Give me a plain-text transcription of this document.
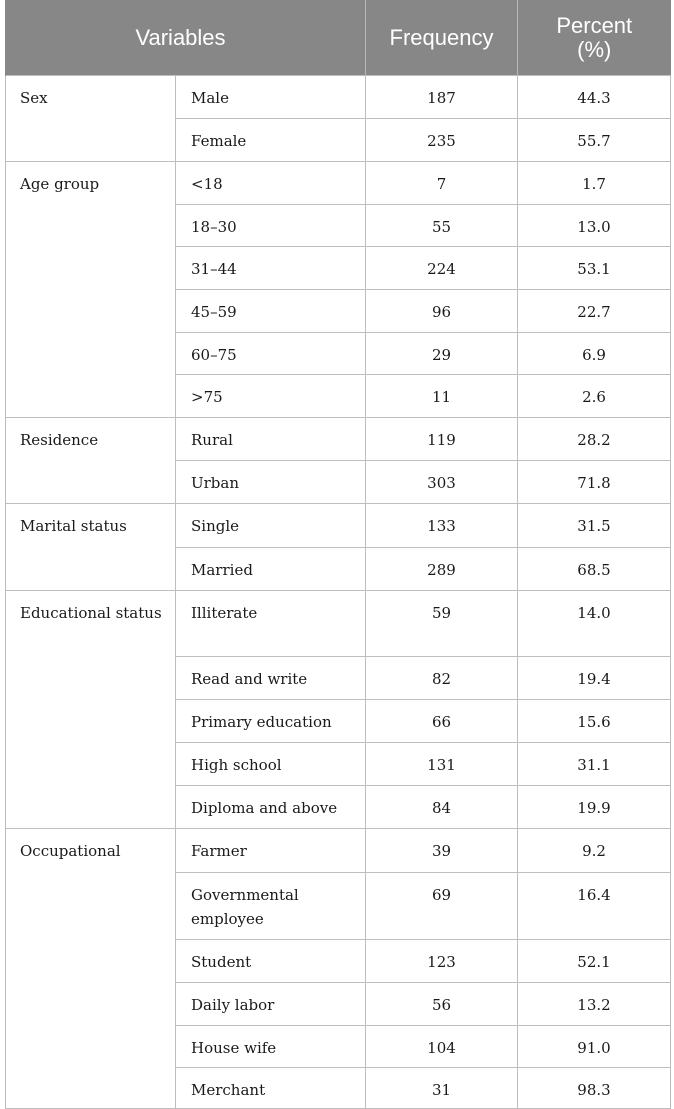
Variables		Frequency	Percent
(%)
Sex	Male	187	44.3
	Female	235	55.7
Age group	<18	7	1.7
	18–30	55	13.0
	31–44	224	53.1
	45–59	96	22.7
	60–75	29	6.9
	>75	11	2.6
Residence	Rural	119	28.2
	Urban	303	71.8
Marital status	Single	133	31.5
	Married	289	68.5
Educational status	Illiterate	59	14.0
	Read and write	82	19.4
	Primary education	66	15.6
	High school	131	31.1
	Diploma and above	84	19.9
Occupational	Farmer	39	9.2
	Governmental employee	69	16.4
	Student	123	52.1
	Daily labor	56	13.2
	House wife	104	91.0
	Merchant	31	98.3
